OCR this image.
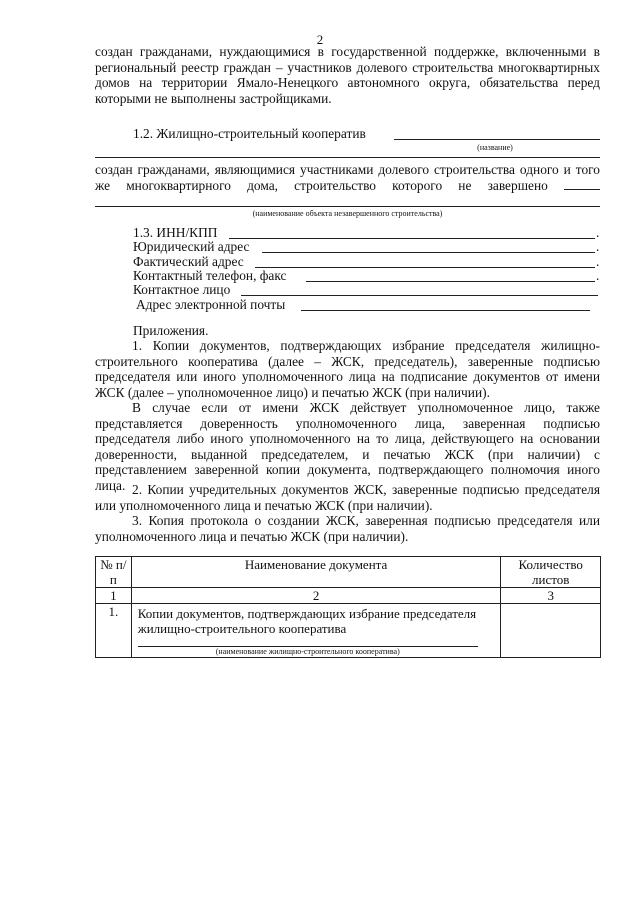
2
создан гражданами, нуждающимися в государственной поддержке, включенными в региональный реестр граждан – участников долевого строительства многоквартирных домов на территории Ямало-Ненецкого автономного округа, обязательства перед которыми не выполнены застройщиками.
1.2. Жилищно-строительный кооператив
(название)
создан гражданами, являющимися участниками долевого строительства одного и того же многоквартирного дома, строительство которого не завершено
(наименование объекта незавершенного строительства)
1.3. ИНН/КПП	.
Юридический адрес	.
Фактический адрес	.
Контактный телефон, факс	.
Контактное лицо
Адрес электронной почты
Приложения.
1. Копии документов, подтверждающих избрание председателя жилищно-строительного кооператива (далее – ЖСК, председатель), заверенные подписью председателя или иного уполномоченного лица на подписание документов от имени ЖСК (далее – уполномоченное лицо) и печатью ЖСК (при наличии).
В случае если от имени ЖСК действует уполномоченное лицо, также представляется доверенность уполномоченного лица, заверенная подписью председателя либо иного уполномоченного на то лица, действующего на основании доверенности, выданной председателем, и печатью ЖСК (при наличии) с представлением заверенной копии документа, подтверждающего полномочия иного лица. 2. Копии учредительных документов ЖСК, заверенные подписью председателя или уполномоченного лица и печатью ЖСК (при наличии).
3. Копия протокола о создании ЖСК, заверенная подписью председателя или уполномоченного лица и печатью ЖСК (при наличии).
№ п/п	Наименование документа	Количество листов
1	2	3
1.	Копии документов, подтверждающих избрание председателя жилищно-строительного кооператива
(наименование жилищно-строительного кооператива)	
